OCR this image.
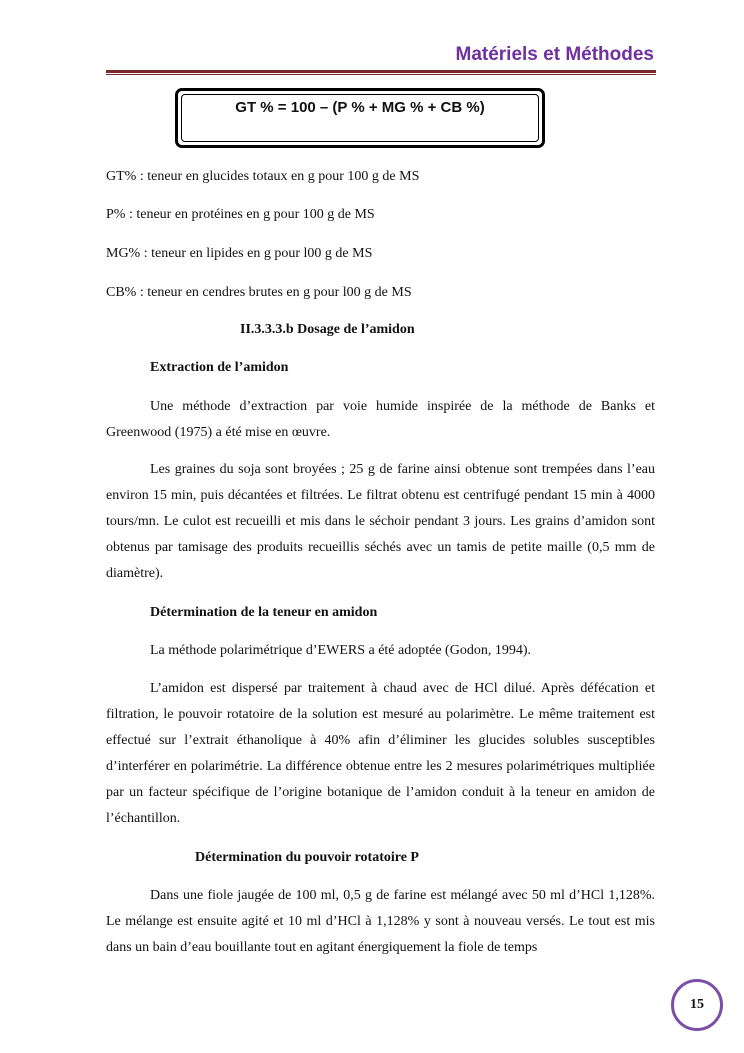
Matériels et Méthodes
GT % = 100 – (P % + MG % + CB %)
GT% : teneur en glucides totaux en g pour 100 g de MS
P% : teneur en protéines en g pour 100 g de MS
MG% : teneur en lipides en g pour l00 g de MS
CB% : teneur en cendres brutes en g pour l00 g de MS
II.3.3.3.b Dosage de l’amidon
Extraction de l’amidon
Une méthode d’extraction par voie humide inspirée de la méthode de Banks et Greenwood (1975) a été mise en œuvre.
Les graines du soja sont broyées ; 25 g de farine ainsi obtenue sont trempées dans l’eau environ 15 min, puis décantées et filtrées. Le filtrat obtenu est centrifugé pendant 15 min à 4000 tours/mn. Le culot est recueilli et mis dans le séchoir pendant 3 jours. Les grains d’amidon sont obtenus par tamisage des produits recueillis séchés avec un tamis de petite maille (0,5 mm de diamètre).
Détermination de la teneur en amidon
La méthode polarimétrique d’EWERS a été adoptée (Godon, 1994).
L’amidon est dispersé par traitement à chaud avec de HCl dilué. Après défécation et filtration, le pouvoir rotatoire de la solution est mesuré au polarimètre. Le même traitement est effectué sur l’extrait éthanolique à 40% afin d’éliminer les glucides solubles susceptibles d’interférer en polarimétrie. La différence obtenue entre les 2 mesures polarimétriques multipliée par un facteur spécifique de l’origine botanique de l’amidon conduit à la teneur en amidon de l’échantillon.
Détermination du pouvoir rotatoire P
Dans une fiole jaugée de 100 ml, 0,5 g de farine est mélangé avec 50 ml d’HCl 1,128%. Le mélange est ensuite agité et 10 ml d’HCl à 1,128% y sont à nouveau versés. Le tout est mis dans un bain d’eau bouillante tout en agitant énergiquement la fiole de temps
15
